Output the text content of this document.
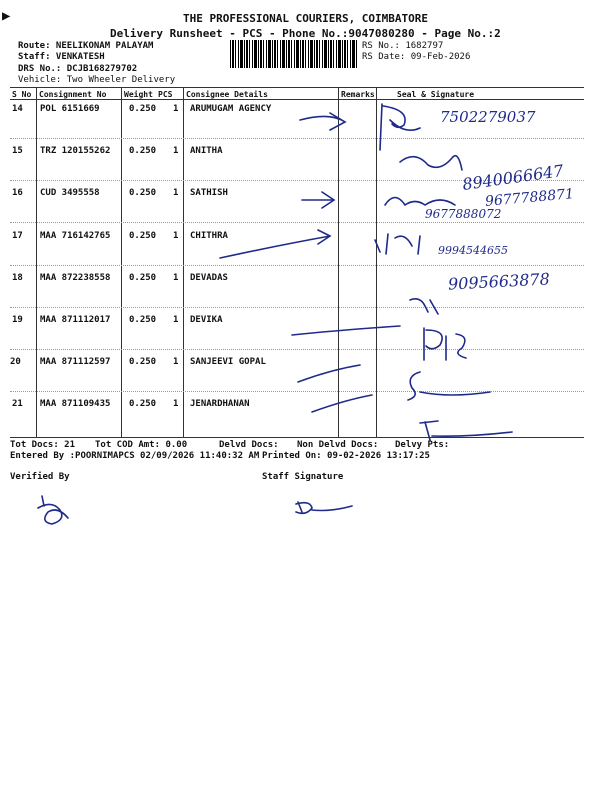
▶	THE PROFESSIONAL COURIERS, COIMBATORE
Delivery Runsheet - PCS - Phone No.:9047080280 - Page No.:2
Route: NEELIKONAM PALAYAM
Staff: VENKATESH
DRS No.: DCJB168279702
Vehicle: Two Wheeler Delivery
RS No.: 1682797
RS Date: 09-Feb-2026
S No Consignment No Weight PCS Consignee Details	Remarks	Seal & Signature
14 POL 6151669	0.250 1 ARUMUGAM AGENCY
15 TRZ 120155262 0.250 1 ANITHA
16 CUD 3495558	0.250 1 SATHISH
17 MAA 716142765 0.250 1 CHITHRA
18 MAA 872238558 0.250 1 DEVADAS
19 MAA 871112017 0.250 1 DEVIKA
20 MAA 871112597 0.250 1 SANJEEVI GOPAL
21 MAA 871109435 0.250 1 JENARDHANAN
7502279037
8940066647
9677788871
9677888072
9994544655
9095663878
Tot Docs: 21 Tot COD Amt: 0.00	Delvd Docs: Non Delvd Docs: Delvy Pts:
Entered By :POORNIMAPCS 02/09/2026 11:40:32 AM Printed On: 09-02-2026 13:17:25
Verified By	Staff Signature
